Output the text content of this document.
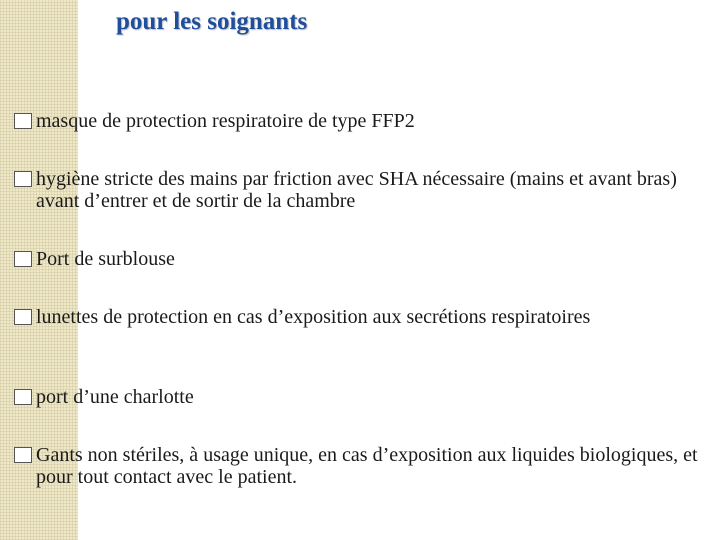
pour les soignants
masque de protection respiratoire de type FFP2
hygiène stricte des mains par friction avec SHA nécessaire (mains et avant bras) avant d’entrer et de sortir de la chambre
Port de surblouse
lunettes de protection en cas d’exposition aux secrétions respiratoires
port d’une charlotte
Gants non stériles, à usage unique, en cas d’exposition aux liquides biologiques, et pour tout contact avec le patient.
